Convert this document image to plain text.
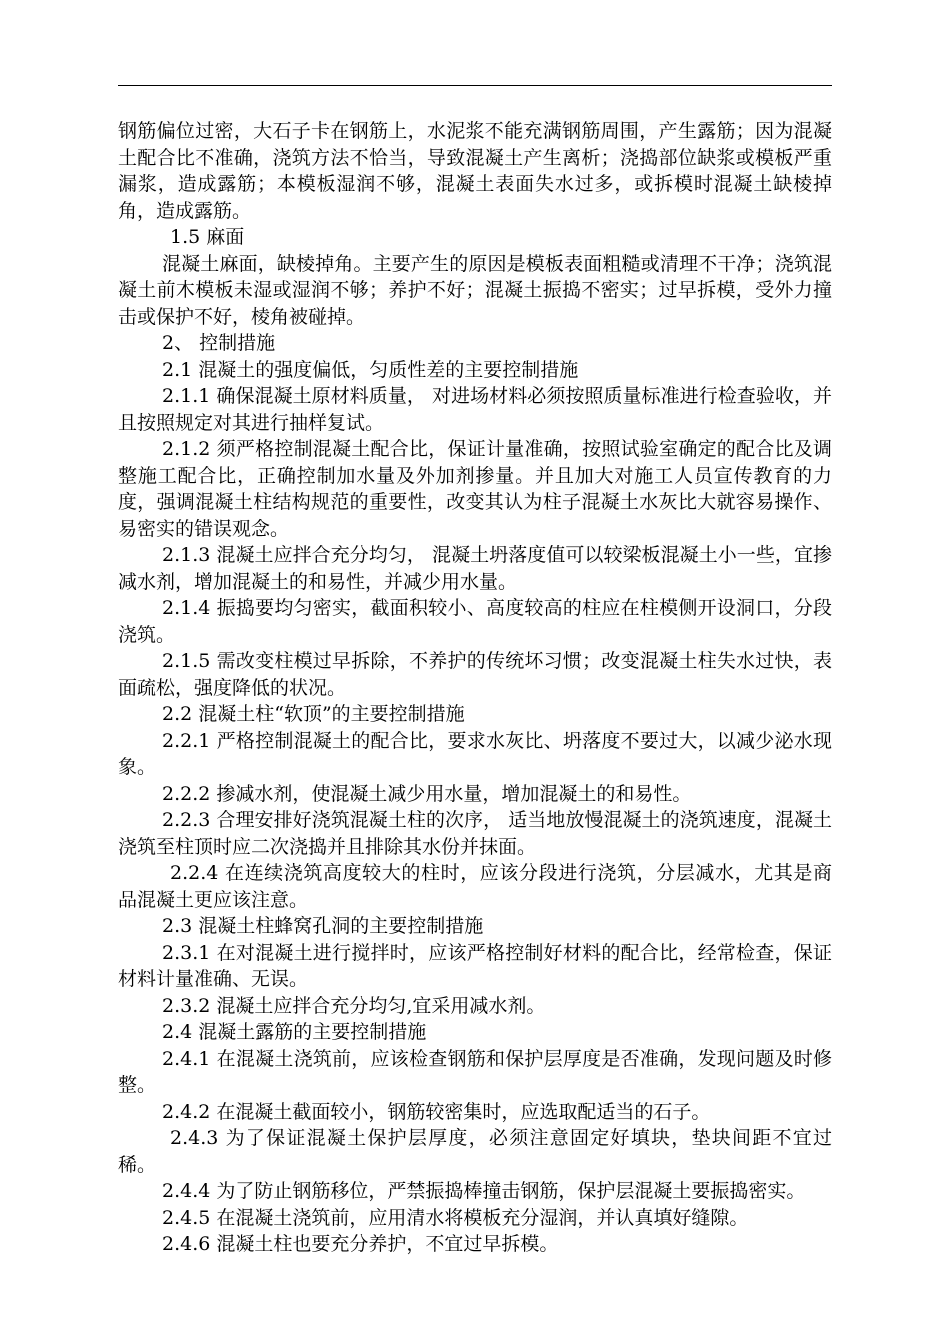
钢筋偏位过密，大石子卡在钢筋上，水泥浆不能充满钢筋周围，产生露筋；因为混凝土配合比不准确，浇筑方法不恰当，导致混凝土产生离析；浇捣部位缺浆或模板严重漏浆，造成露筋；本模板湿润不够，混凝土表面失水过多，或拆模时混凝土缺棱掉角，造成露筋。

1.5 麻面

混凝土麻面，缺棱掉角。主要产生的原因是模板表面粗糙或清理不干净；浇筑混凝土前木模板未湿或湿润不够；养护不好；混凝土振捣不密实；过早拆模，受外力撞击或保护不好，棱角被碰掉。

2、 控制措施

2.1 混凝土的强度偏低，匀质性差的主要控制措施

2.1.1 确保混凝土原材料质量， 对进场材料必须按照质量标准进行检查验收，并且按照规定对其进行抽样复试。

2.1.2 须严格控制混凝土配合比，保证计量准确，按照试验室确定的配合比及调整施工配合比，正确控制加水量及外加剂掺量。并且加大对施工人员宣传教育的力度，强调混凝土柱结构规范的重要性，改变其认为柱子混凝土水灰比大就容易操作、易密实的错误观念。

2.1.3 混凝土应拌合充分均匀， 混凝土坍落度值可以较梁板混凝土小一些，宜掺减水剂，增加混凝土的和易性，并减少用水量。

2.1.4 振捣要均匀密实，截面积较小、高度较高的柱应在柱模侧开设洞口，分段浇筑。

2.1.5 需改变柱模过早拆除，不养护的传统坏习惯；改变混凝土柱失水过快，表面疏松，强度降低的状况。

2.2 混凝土柱“软顶”的主要控制措施

2.2.1 严格控制混凝土的配合比，要求水灰比、坍落度不要过大，以减少泌水现象。

2.2.2 掺减水剂，使混凝土减少用水量，增加混凝土的和易性。

2.2.3 合理安排好浇筑混凝土柱的次序， 适当地放慢混凝土的浇筑速度，混凝土浇筑至柱顶时应二次浇捣并且排除其水份并抹面。

2.2.4 在连续浇筑高度较大的柱时，应该分段进行浇筑，分层减水，尤其是商品混凝土更应该注意。

2.3 混凝土柱蜂窝孔洞的主要控制措施

2.3.1 在对混凝土进行搅拌时，应该严格控制好材料的配合比，经常检查，保证材料计量准确、无误。

2.3.2 混凝土应拌合充分均匀,宜采用减水剂。

2.4 混凝土露筋的主要控制措施

2.4.1 在混凝土浇筑前，应该检查钢筋和保护层厚度是否准确，发现问题及时修整。

2.4.2 在混凝土截面较小，钢筋较密集时，应选取配适当的石子。

2.4.3 为了保证混凝土保护层厚度，必须注意固定好填块，垫块间距不宜过稀。

2.4.4 为了防止钢筋移位，严禁振捣棒撞击钢筋，保护层混凝土要振捣密实。

2.4.5 在混凝土浇筑前，应用清水将模板充分湿润，并认真填好缝隙。

2.4.6 混凝土柱也要充分养护，不宜过早拆模。
